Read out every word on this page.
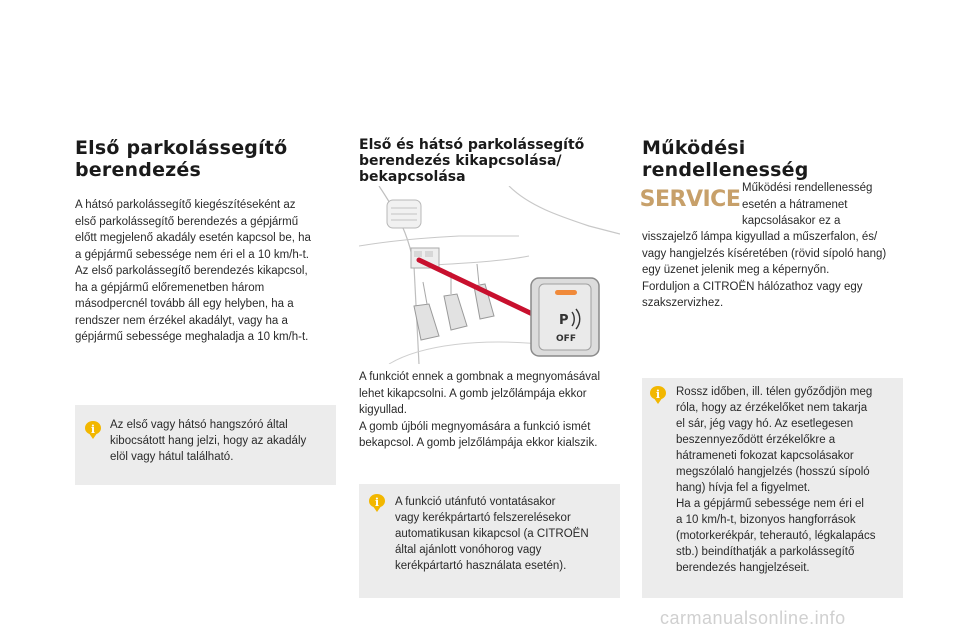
Első parkolássegítő
berendezés
A hátsó parkolássegítő kiegészítéseként az
első parkolássegítő berendezés a gépjármű
előtt megjelenő akadály esetén kapcsol be, ha
a gépjármű sebessége nem éri el a 10 km/h-t.
Az első parkolássegítő berendezés kikapcsol,
ha a gépjármű előremenetben három
másodpercnél tovább áll egy helyben, ha a
rendszer nem érzékel akadályt, vagy ha a
gépjármű sebessége meghaladja a 10 km/h-t.
i Az első vagy hátsó hangszóró által
kibocsátott hang jelzi, hogy az akadály
elöl vagy hátul található.
Első és hátsó parkolássegítő
berendezés kikapcsolása/
bekapcsolása
P
OFF
A funkciót ennek a gombnak a megnyomásával
lehet kikapcsolni. A gomb jelzőlámpája ekkor
kigyullad.
A gomb újbóli megnyomására a funkció ismét
bekapcsol. A gomb jelzőlámpája ekkor kialszik.
i A funkció utánfutó vontatásakor
vagy kerékpártartó felszerelésekor
automatikusan kikapcsol (a CITROËN
által ajánlott vonóhorog vagy
kerékpártartó használata esetén).
Működési
rendellenesség
SERVICE Működési rendellenesség
esetén a hátramenet
kapcsolásakor ez a
visszajelző lámpa kigyullad a műszerfalon, és/
vagy hangjelzés kíséretében (rövid sípoló hang)
egy üzenet jelenik meg a képernyőn.
Forduljon a CITROËN hálózathoz vagy egy
szakszervizhez.
i Rossz időben, ill. télen győződjön meg
róla, hogy az érzékelőket nem takarja
el sár, jég vagy hó. Az esetlegesen
beszennyeződött érzékelőkre a
hátrameneti fokozat kapcsolásakor
megszólaló hangjelzés (hosszú sípoló
hang) hívja fel a figyelmet.
Ha a gépjármű sebessége nem éri el
a 10 km/h-t, bizonyos hangforrások
(motorkerékpár, teherautó, légkalapács
stb.) beindíthatják a parkolássegítő
berendezés hangjelzéseit.
carmanualsonline.info
